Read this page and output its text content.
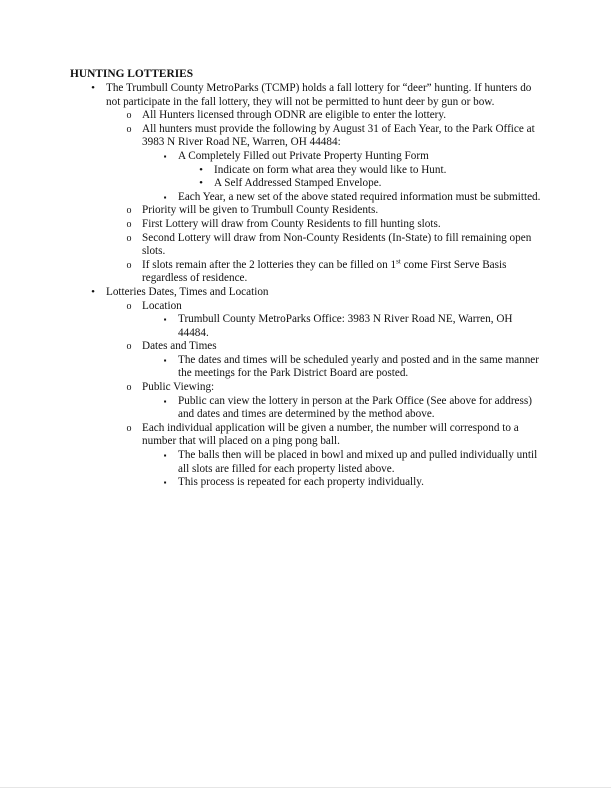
HUNTING LOTTERIES
• The Trumbull County MetroParks (TCMP) holds a fall lottery for “deer” hunting. If hunters do not participate in the fall lottery, they will not be permitted to hunt deer by gun or bow.
o All Hunters licensed through ODNR are eligible to enter the lottery.
o All hunters must provide the following by August 31 of Each Year, to the Park Office at 3983 N River Road NE, Warren, OH 44484:
▪	A Completely Filled out Private Property Hunting Form
• Indicate on form what area they would like to Hunt.
• A Self Addressed Stamped Envelope.
▪	Each Year, a new set of the above stated required information must be submitted.
o Priority will be given to Trumbull County Residents.
o First Lottery will draw from County Residents to fill hunting slots.
o Second Lottery will draw from Non-County Residents (In-State) to fill remaining open slots.
o If slots remain after the 2 lotteries they can be filled on 1st come First Serve Basis regardless of residence.
• Lotteries Dates, Times and Location
o Location
▪	Trumbull County MetroParks Office: 3983 N River Road NE, Warren, OH 44484.
o Dates and Times
▪	The dates and times will be scheduled yearly and posted and in the same manner the meetings for the Park District Board are posted.
o Public Viewing:
▪	Public can view the lottery in person at the Park Office (See above for address) and dates and times are determined by the method above.
o Each individual application will be given a number, the number will correspond to a number that will placed on a ping pong ball.
▪	The balls then will be placed in bowl and mixed up and pulled individually until all slots are filled for each property listed above.
▪	This process is repeated for each property individually.
